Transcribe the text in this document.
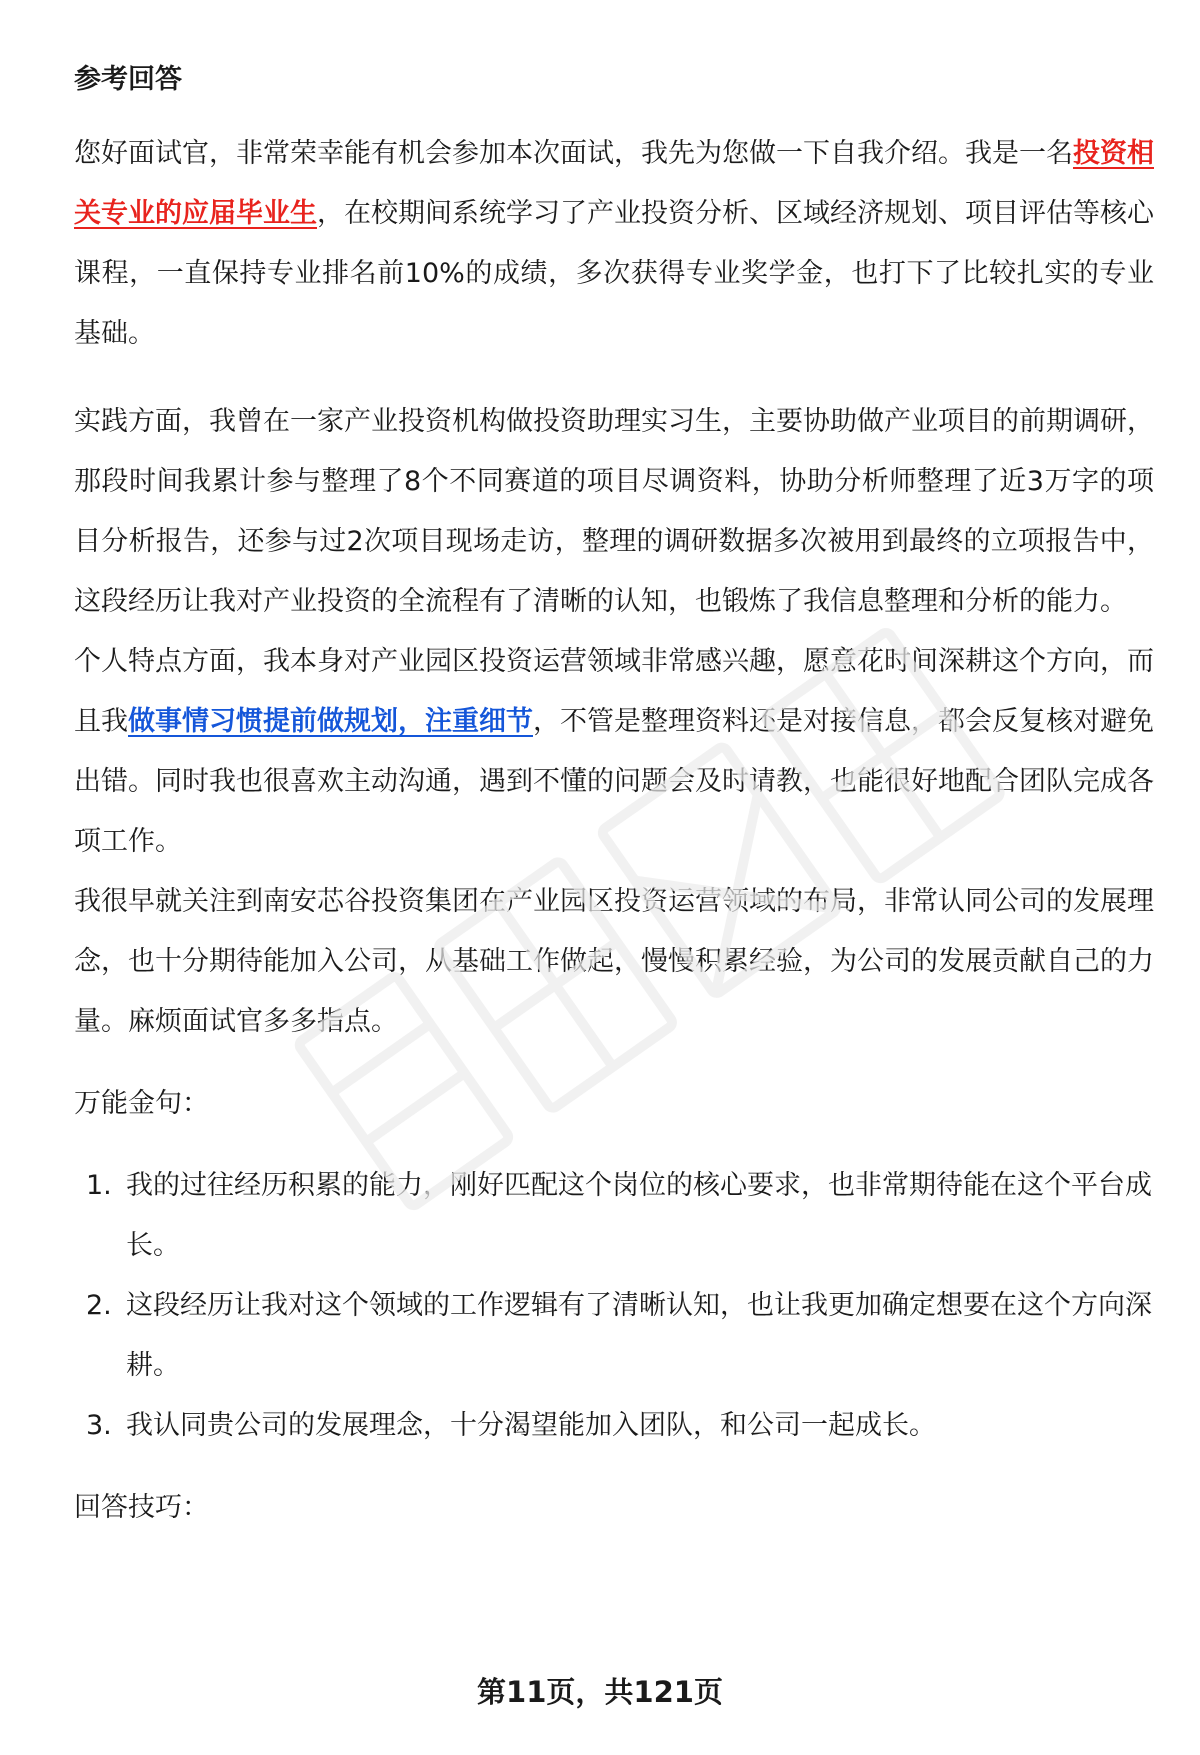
参考回答

您好面试官，非常荣幸能有机会参加本次面试，我先为您做一下自我介绍。我是一名投资相关专业的应届毕业生，在校期间系统学习了产业投资分析、区域经济规划、项目评估等核心课程，一直保持专业排名前10%的成绩，多次获得专业奖学金，也打下了比较扎实的专业基础。

实践方面，我曾在一家产业投资机构做投资助理实习生，主要协助做产业项目的前期调研，那段时间我累计参与整理了8个不同赛道的项目尽调资料，协助分析师整理了近3万字的项目分析报告，还参与过2次项目现场走访，整理的调研数据多次被用到最终的立项报告中，这段经历让我对产业投资的全流程有了清晰的认知，也锻炼了我信息整理和分析的能力。

个人特点方面，我本身对产业园区投资运营领域非常感兴趣，愿意花时间深耕这个方向，而且我做事情习惯提前做规划，注重细节，不管是整理资料还是对接信息，都会反复核对避免出错。同时我也很喜欢主动沟通，遇到不懂的问题会及时请教，也能很好地配合团队完成各项工作。

我很早就关注到南安芯谷投资集团在产业园区投资运营领域的布局，非常认同公司的发展理念，也十分期待能加入公司，从基础工作做起，慢慢积累经验，为公司的发展贡献自己的力量。麻烦面试官多多指点。

万能金句：

1. 我的过往经历积累的能力，刚好匹配这个岗位的核心要求，也非常期待能在这个平台成长。
2. 这段经历让我对这个领域的工作逻辑有了清晰认知，也让我更加确定想要在这个方向深耕。
3. 我认同贵公司的发展理念，十分渴望能加入团队，和公司一起成长。

回答技巧：

第11页，共121页
